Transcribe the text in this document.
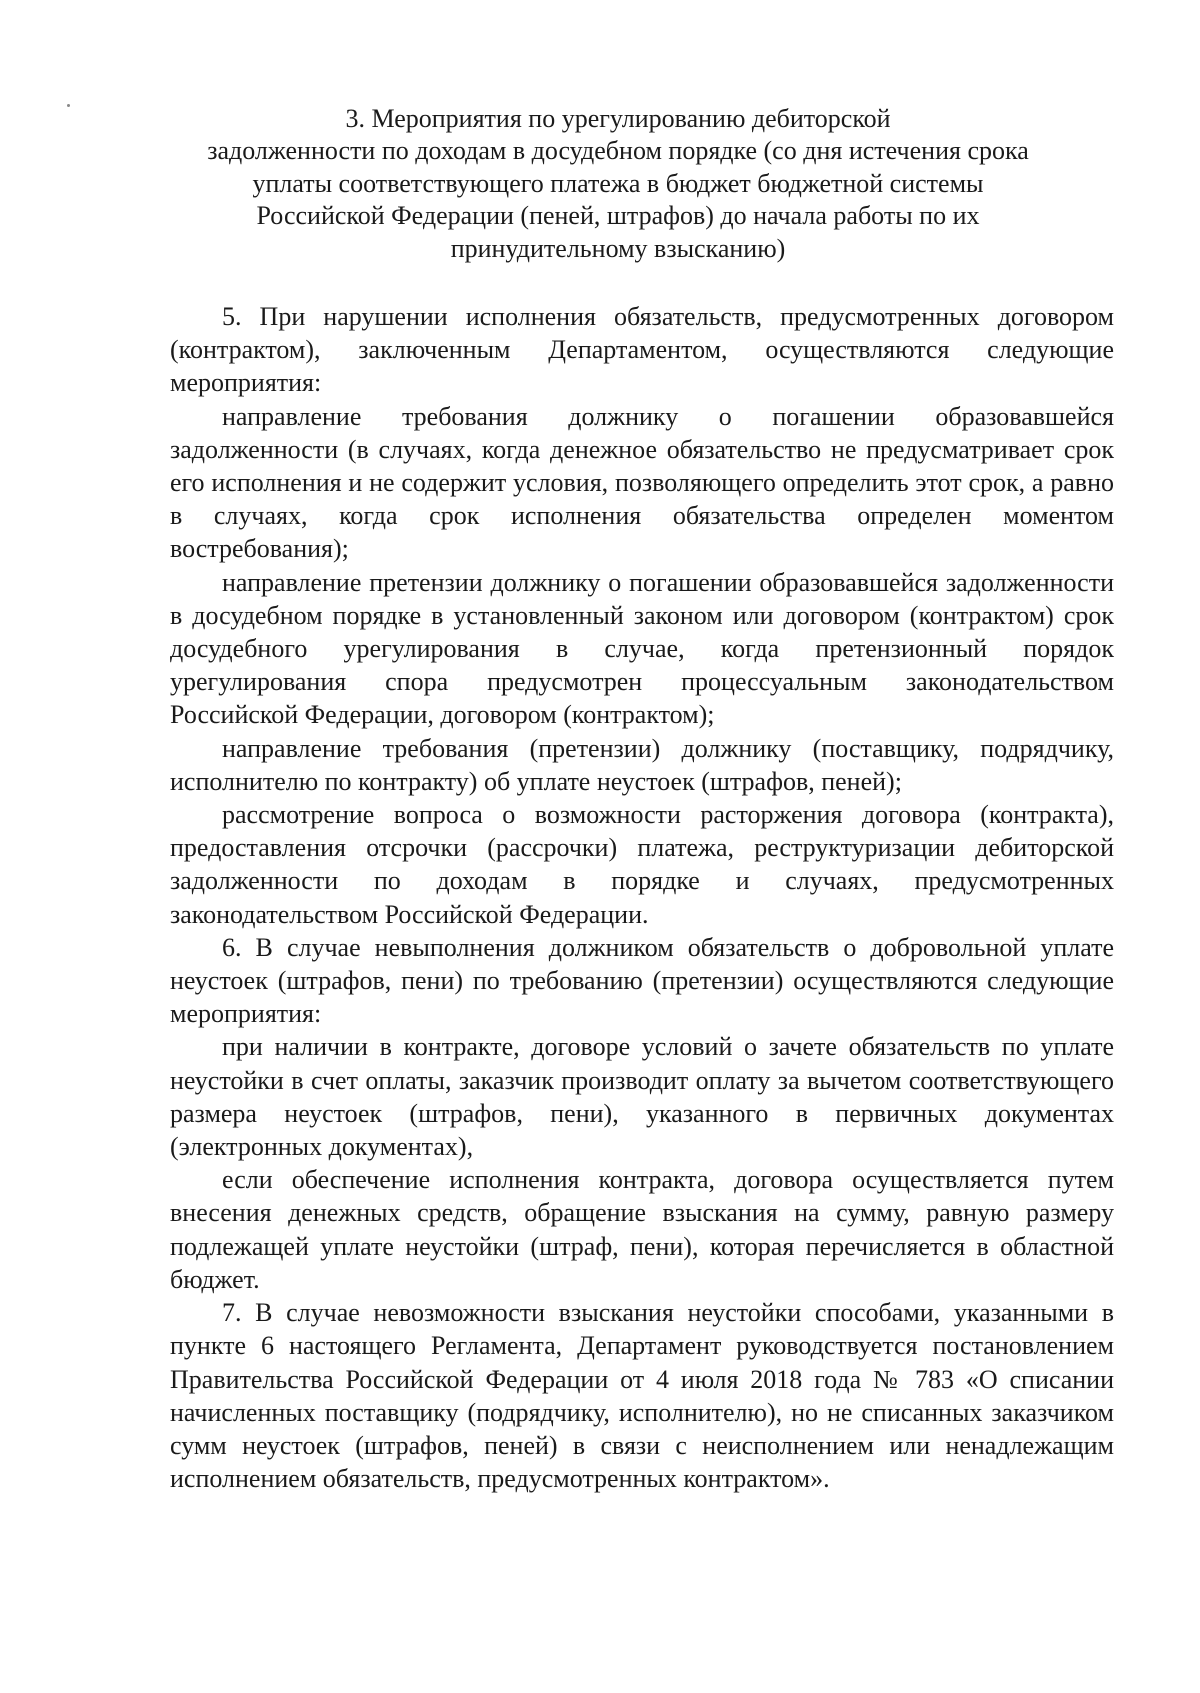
3. Мероприятия по урегулированию дебиторской
задолженности по доходам в досудебном порядке (со дня истечения срока
уплаты соответствующего платежа в бюджет бюджетной системы
Российской Федерации (пеней, штрафов) до начала работы по их
принудительному взысканию)

5. При нарушении исполнения обязательств, предусмотренных договором (контрактом), заключенным Департаментом, осуществляются следующие мероприятия:

направление требования должнику о погашении образовавшейся задолженности (в случаях, когда денежное обязательство не предусматривает срок его исполнения и не содержит условия, позволяющего определить этот срок, а равно в случаях, когда срок исполнения обязательства определен моментом востребования);

направление претензии должнику о погашении образовавшейся задолженности в досудебном порядке в установленный законом или договором (контрактом) срок досудебного урегулирования в случае, когда претензионный порядок урегулирования спора предусмотрен процессуальным законодательством Российской Федерации, договором (контрактом);

направление требования (претензии) должнику (поставщику, подрядчику, исполнителю по контракту) об уплате неустоек (штрафов, пеней);

рассмотрение вопроса о возможности расторжения договора (контракта), предоставления отсрочки (рассрочки) платежа, реструктуризации дебиторской задолженности по доходам в порядке и случаях, предусмотренных законодательством Российской Федерации.

6. В случае невыполнения должником обязательств о добровольной уплате неустоек (штрафов, пени) по требованию (претензии) осуществляются следующие мероприятия:

при наличии в контракте, договоре условий о зачете обязательств по уплате неустойки в счет оплаты, заказчик производит оплату за вычетом соответствующего размера неустоек (штрафов, пени), указанного в первичных документах (электронных документах),

если обеспечение исполнения контракта, договора осуществляется путем внесения денежных средств, обращение взыскания на сумму, равную размеру подлежащей уплате неустойки (штраф, пени), которая перечисляется в областной бюджет.

7. В случае невозможности взыскания неустойки способами, указанными в пункте 6 настоящего Регламента, Департамент руководствуется постановлением Правительства Российской Федерации от 4 июля 2018 года № 783 «О списании начисленных поставщику (подрядчику, исполнителю), но не списанных заказчиком сумм неустоек (штрафов, пеней) в связи с неисполнением или ненадлежащим исполнением обязательств, предусмотренных контрактом».
